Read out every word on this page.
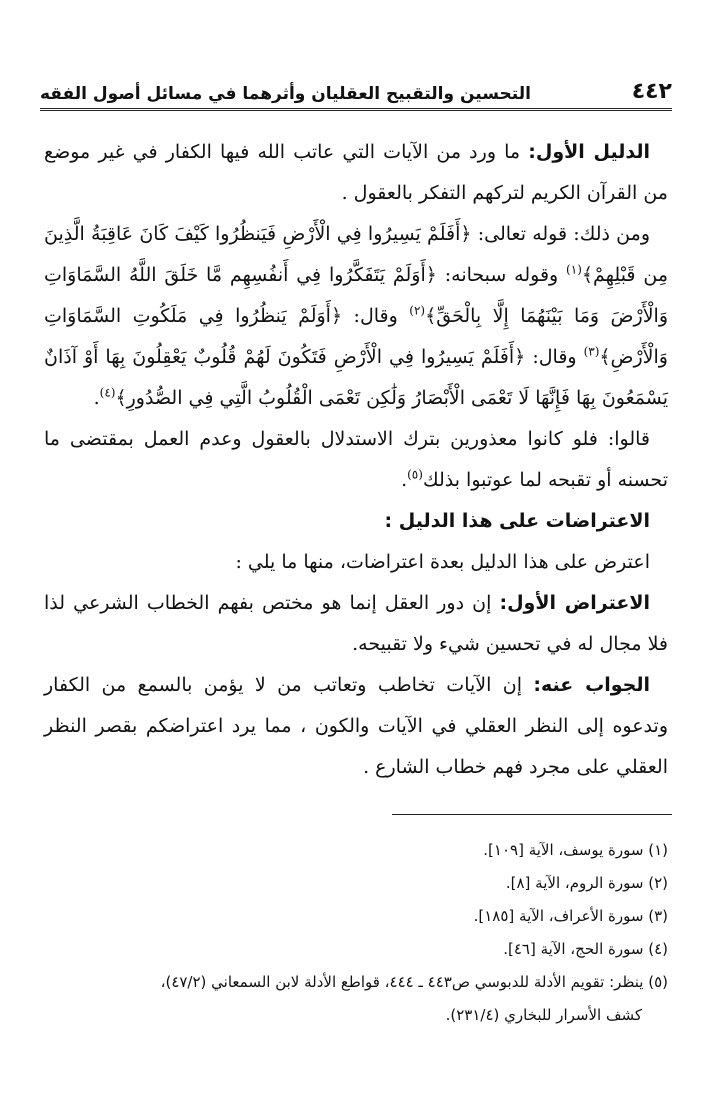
٤٤٢
التحسين والتقبيح العقليان وأثرهما في مسائل أصول الفقه

الدليل الأول: ما ورد من الآيات التي عاتب الله فيها الكفار في غير موضع من القرآن الكريم لتركهم التفكر بالعقول .

ومن ذلك: قوله تعالى: ﴿أَفَلَمْ يَسِيرُوا فِي الْأَرْضِ فَيَنظُرُوا كَيْفَ كَانَ عَاقِبَةُ الَّذِينَ مِن قَبْلِهِمْ﴾$^{(١)}$ وقوله سبحانه: ﴿أَوَلَمْ يَتَفَكَّرُوا فِي أَنفُسِهِم مَّا خَلَقَ اللَّهُ السَّمَاوَاتِ وَالْأَرْضَ وَمَا بَيْنَهُمَا إِلَّا بِالْحَقِّ﴾$^{(٢)}$ وقال: ﴿أَوَلَمْ يَنظُرُوا فِي مَلَكُوتِ السَّمَاوَاتِ وَالْأَرْضِ﴾$^{(٣)}$ وقال: ﴿أَفَلَمْ يَسِيرُوا فِي الْأَرْضِ فَتَكُونَ لَهُمْ قُلُوبٌ يَعْقِلُونَ بِهَا أَوْ آذَانٌ يَسْمَعُونَ بِهَا فَإِنَّهَا لَا تَعْمَى الْأَبْصَارُ وَلَٰكِن تَعْمَى الْقُلُوبُ الَّتِي فِي الصُّدُورِ﴾$^{(٤)}$.

قالوا: فلو كانوا معذورين بترك الاستدلال بالعقول وعدم العمل بمقتضى ما تحسنه أو تقبحه لما عوتبوا بذلك$^{(٥)}$.

الاعتراضات على هذا الدليل :

اعترض على هذا الدليل بعدة اعتراضات، منها ما يلي :

الاعتراض الأول: إن دور العقل إنما هو مختص بفهم الخطاب الشرعي لذا فلا مجال له في تحسين شيء ولا تقبيحه.

الجواب عنه: إن الآيات تخاطب وتعاتب من لا يؤمن بالسمع من الكفار وتدعوه إلى النظر العقلي في الآيات والكون ، مما يرد اعتراضكم بقصر النظر العقلي على مجرد فهم خطاب الشارع .

(١) سورة يوسف، الآية [١٠٩].

(٢) سورة الروم، الآية [٨].

(٣) سورة الأعراف، الآية [١٨٥].

(٤) سورة الحج، الآية [٤٦].

(٥) ينظر: تقويم الأدلة للدبوسي ص٤٤٣ ـ ٤٤٤، قواطع الأدلة لابن السمعاني (٤٧/٢)،

كشف الأسرار للبخاري (٢٣١/٤).
